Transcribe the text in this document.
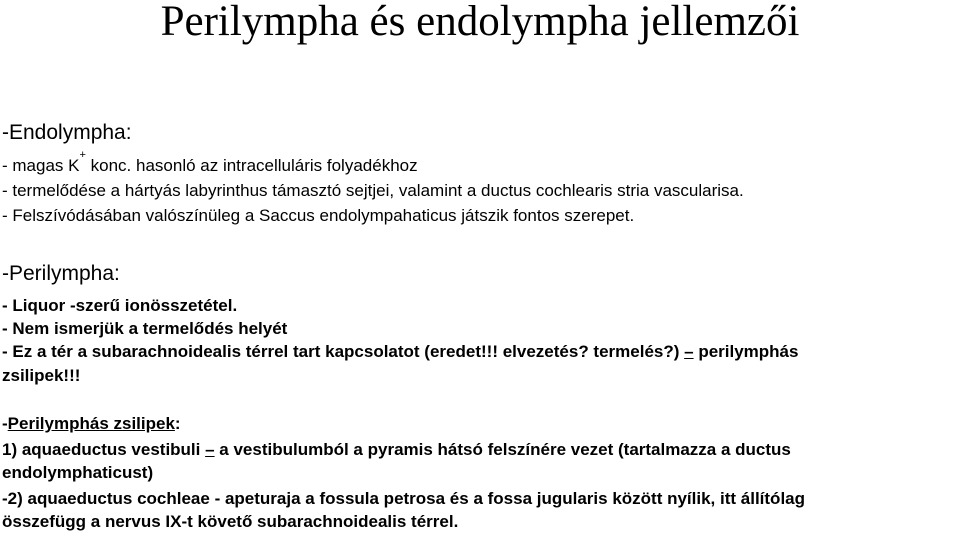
Perilympha és endolympha jellemzői
-Endolympha:
- magas K+ konc. hasonló az intracelluláris folyadékhoz
- termelődése a hártyás labyrinthus támasztó sejtjei, valamint a ductus cochlearis stria vascularisa.
- Felszívódásában valószínüleg a Saccus endolympahaticus játszik fontos szerepet.
-Perilympha:
- Liquor -szerű ionösszetétel.
- Nem ismerjük a termelődés helyét
- Ez a tér a subarachnoidealis térrel tart kapcsolatot (eredet!!! elvezetés? termelés?) – perilymphás
zsilipek!!!
-Perilymphás zsilipek:
1) aquaeductus vestibuli – a vestibulumból a pyramis hátsó felszínére vezet (tartalmazza a ductus
endolymphaticust)
-2) aquaeductus cochleae - apeturaja a fossula petrosa és a fossa jugularis között nyílik, itt állítólag
összefügg a nervus IX-t követő subarachnoidealis térrel.
